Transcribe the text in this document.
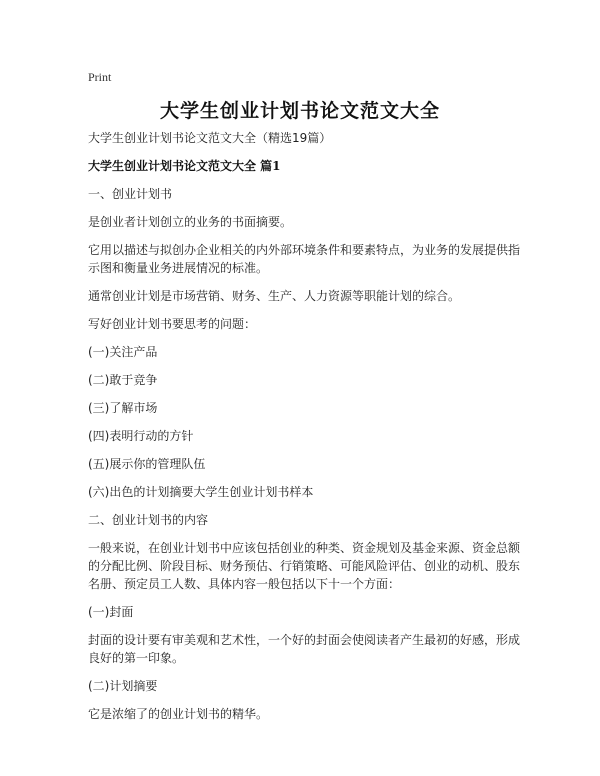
Print
大学生创业计划书论文范文大全

大学生创业计划书论文范文大全（精选19篇）

大学生创业计划书论文范文大全 篇1

一、创业计划书

是创业者计划创立的业务的书面摘要。

它用以描述与拟创办企业相关的内外部环境条件和要素特点，为业务的发展提供指示图和衡量业务进展情况的标准。

通常创业计划是市场营销、财务、生产、人力资源等职能计划的综合。

写好创业计划书要思考的问题：

(一)关注产品

(二)敢于竞争

(三)了解市场

(四)表明行动的方针

(五)展示你的管理队伍

(六)出色的计划摘要大学生创业计划书样本

二、创业计划书的内容

一般来说，在创业计划书中应该包括创业的种类、资金规划及基金来源、资金总额的分配比例、阶段目标、财务预估、行销策略、可能风险评估、创业的动机、股东名册、预定员工人数、具体内容一般包括以下十一个方面：

(一)封面

封面的设计要有审美观和艺术性，一个好的封面会使阅读者产生最初的好感，形成良好的第一印象。

(二)计划摘要

它是浓缩了的创业计划书的精华。
